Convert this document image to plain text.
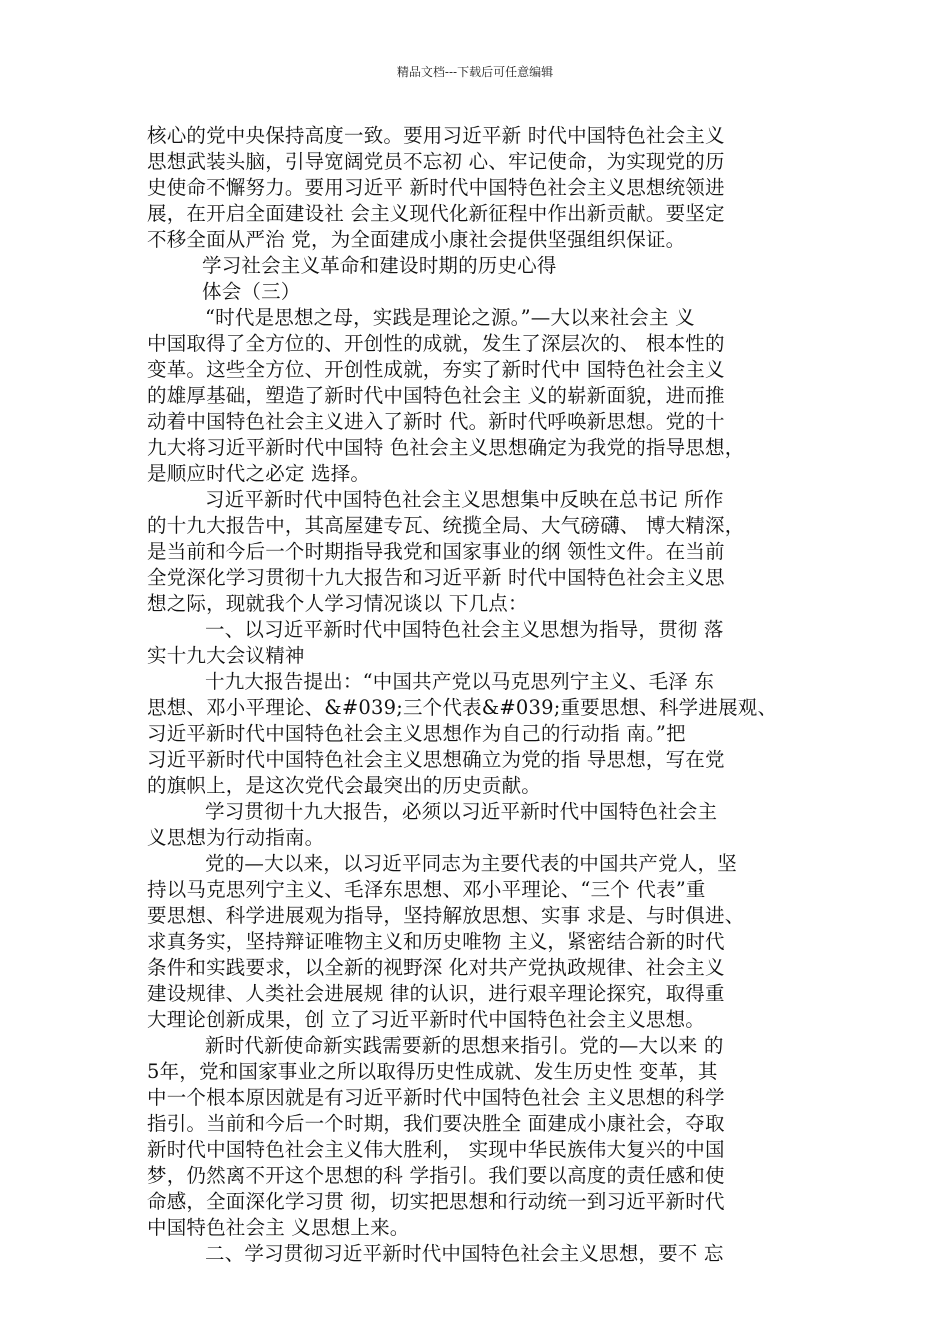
精品文档---下载后可任意编辑
核心的党中央保持高度一致。要用习近平新 时代中国特色社会主义
思想武装头脑，引导宽阔党员不忘初 心、牢记使命，为实现党的历
史使命不懈努力。要用习近平 新时代中国特色社会主义思想统领进
展，在开启全面建设社 会主义现代化新征程中作出新贡献。要坚定
不移全面从严治 党，为全面建成小康社会提供坚强组织保证。
学习社会主义革命和建设时期的历史心得
体会（三）
“时代是思想之母，实践是理论之源。”—大以来社会主 义
中国取得了全方位的、开创性的成就，发生了深层次的、 根本性的
变革。这些全方位、开创性成就，夯实了新时代中 国特色社会主义
的雄厚基础，塑造了新时代中国特色社会主 义的崭新面貌，进而推
动着中国特色社会主义进入了新时 代。新时代呼唤新思想。党的十
九大将习近平新时代中国特 色社会主义思想确定为我党的指导思想，
是顺应时代之必定 选择。
习近平新时代中国特色社会主义思想集中反映在总书记 所作
的十九大报告中，其高屋建专瓦、统揽全局、大气磅礴、 博大精深，
是当前和今后一个时期指导我党和国家事业的纲 领性文件。在当前
全党深化学习贯彻十九大报告和习近平新 时代中国特色社会主义思
想之际，现就我个人学习情况谈以 下几点：
一、以习近平新时代中国特色社会主义思想为指导，贯彻 落
实十九大会议精神
十九大报告提出：“中国共产党以马克思列宁主义、毛泽 东
思想、邓小平理论、&#039;三个代表&#039;重要思想、科学进展观、
习近平新时代中国特色社会主义思想作为自己的行动指 南。”把
习近平新时代中国特色社会主义思想确立为党的指 导思想，写在党
的旗帜上，是这次党代会最突出的历史贡献。
学习贯彻十九大报告，必须以习近平新时代中国特色社会主
义思想为行动指南。
党的—大以来，以习近平同志为主要代表的中国共产党人，坚
持以马克思列宁主义、毛泽东思想、邓小平理论、“三个 代表”重
要思想、科学进展观为指导，坚持解放思想、实事 求是、与时俱进、
求真务实，坚持辩证唯物主义和历史唯物 主义，紧密结合新的时代
条件和实践要求，以全新的视野深 化对共产党执政规律、社会主义
建设规律、人类社会进展规 律的认识，进行艰辛理论探究，取得重
大理论创新成果，创 立了习近平新时代中国特色社会主义思想。
新时代新使命新实践需要新的思想来指引。党的—大以来 的
5年，党和国家事业之所以取得历史性成就、发生历史性 变革，其
中一个根本原因就是有习近平新时代中国特色社会 主义思想的科学
指引。当前和今后一个时期，我们要决胜全 面建成小康社会，夺取
新时代中国特色社会主义伟大胜利， 实现中华民族伟大复兴的中国
梦，仍然离不开这个思想的科 学指引。我们要以高度的责任感和使
命感，全面深化学习贯 彻，切实把思想和行动统一到习近平新时代
中国特色社会主 义思想上来。
二、学习贯彻习近平新时代中国特色社会主义思想，要不 忘
